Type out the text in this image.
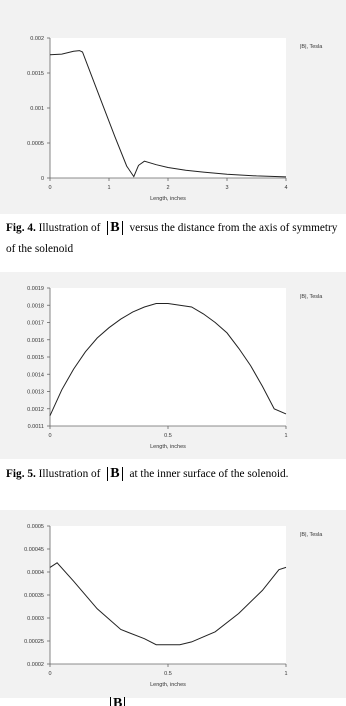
0
0.0005
0.001
0.0015
0.002
0	1	2	3	4
Length, inches
|B|, Tesla
Fig. 4. Illustration of B versus the distance from the axis of symmetry of the solenoid
0.0011
0.0012
0.0013
0.0014
0.0015
0.0016
0.0017
0.0018
0.0019
0	0.5	1
Length, inches
|B|, Tesla
Fig. 5. Illustration of B at the inner surface of the solenoid.
0.0002
0.00025
0.0003
0.00035
0.0004
0.00045
0.0005
0	0.5	1
Length, inches
|B|, Tesla
B
